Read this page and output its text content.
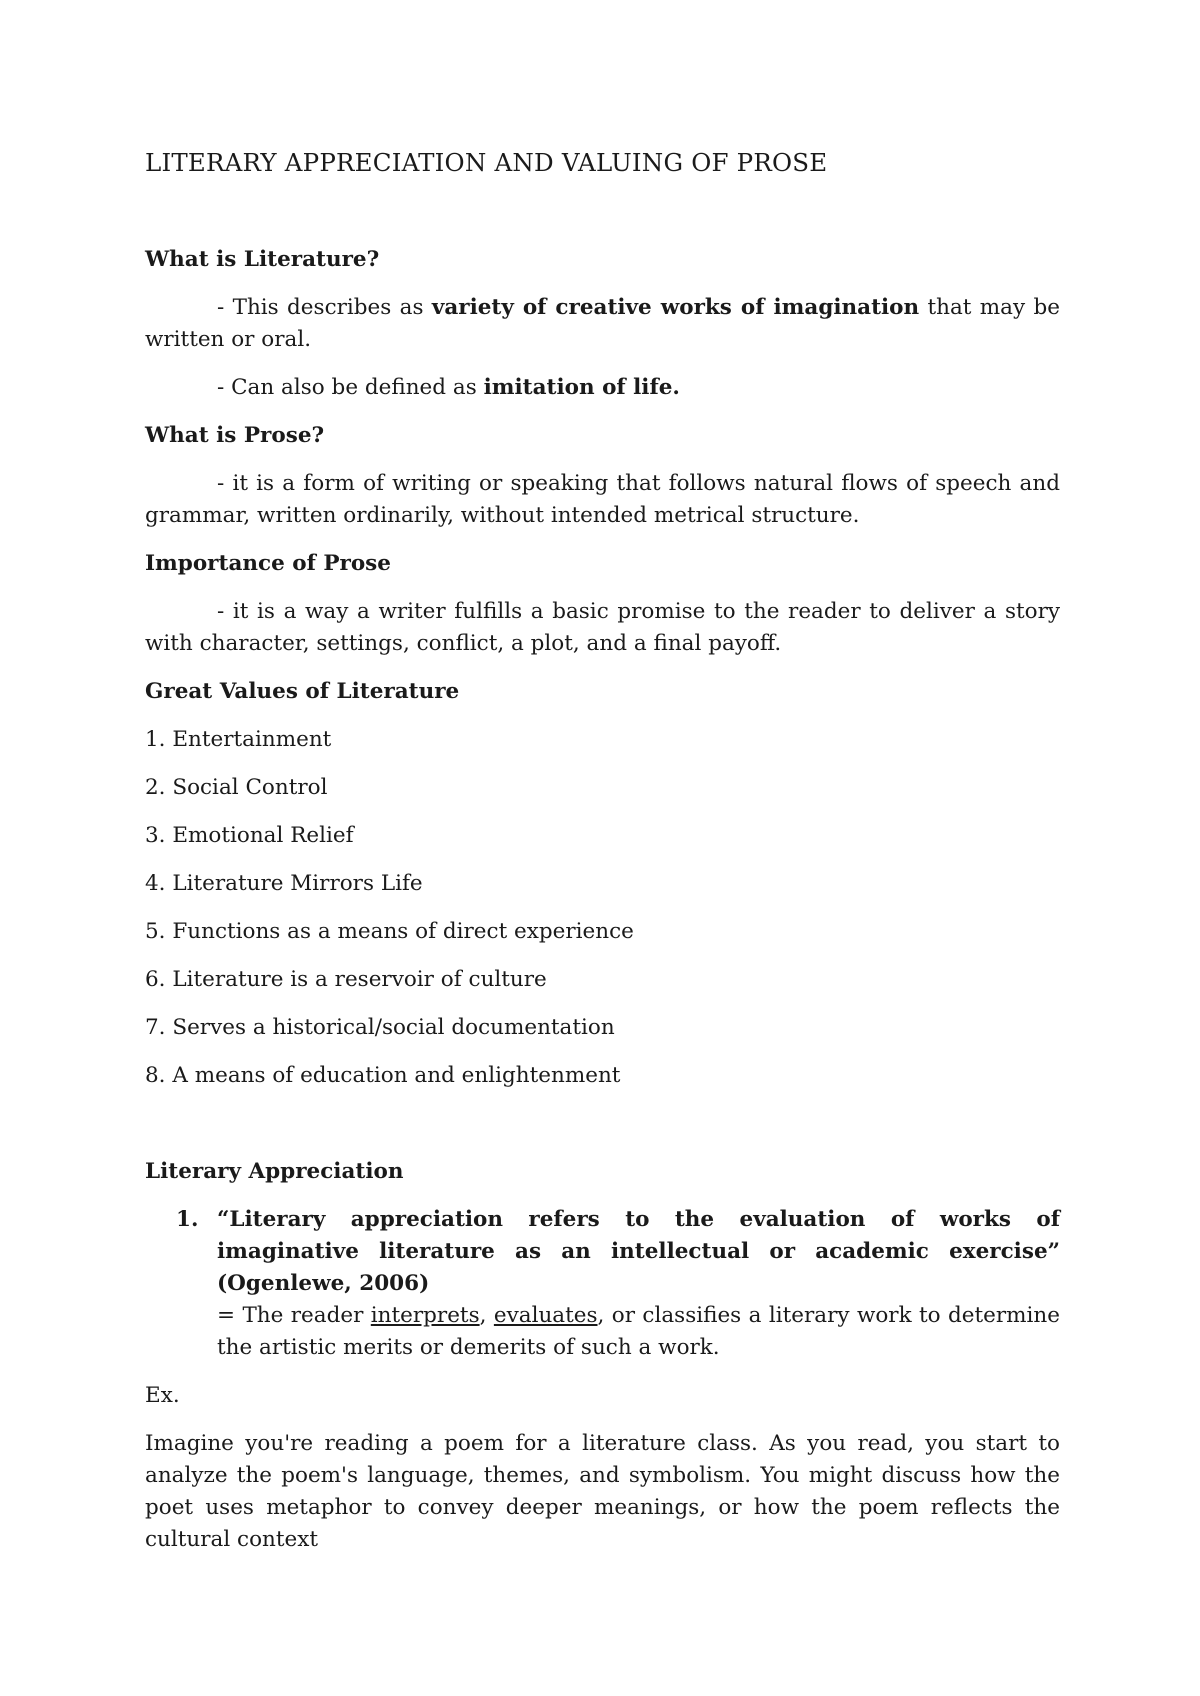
LITERARY APPRECIATION AND VALUING OF PROSE
What is Literature?
- This describes as variety of creative works of imagination that may be written or oral.
- Can also be defined as imitation of life.
What is Prose?
- it is a form of writing or speaking that follows natural flows of speech and grammar, written ordinarily, without intended metrical structure.
Importance of Prose
- it is a way a writer fulfills a basic promise to the reader to deliver a story with character, settings, conflict, a plot, and a final payoff.
Great Values of Literature
1. Entertainment
2. Social Control
3. Emotional Relief
4. Literature Mirrors Life
5. Functions as a means of direct experience
6. Literature is a reservoir of culture
7. Serves a historical/social documentation
8. A means of education and enlightenment
Literary Appreciation
1. “Literary appreciation refers to the evaluation of works of imaginative literature as an intellectual or academic exercise” (Ogenlewe, 2006)
= The reader interprets, evaluates, or classifies a literary work to determine the artistic merits or demerits of such a work.
Ex.
Imagine you're reading a poem for a literature class. As you read, you start to analyze the poem's language, themes, and symbolism. You might discuss how the poet uses metaphor to convey deeper meanings, or how the poem reflects the cultural context
